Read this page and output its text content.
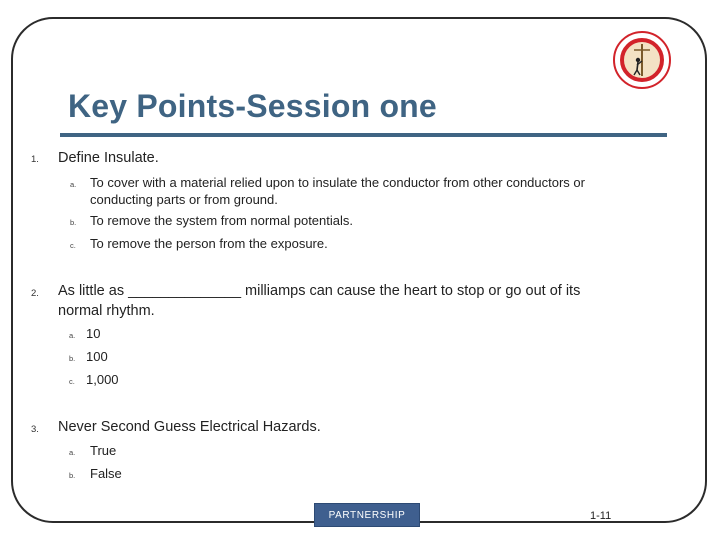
Key Points-Session one
1. Define Insulate.
a. To cover with a material relied upon to insulate the conductor from other conductors or
conducting parts or from ground.
b. To remove the system from normal potentials.
c. To remove the person from the exposure.
2. As little as ______________ milliamps can cause the heart to stop or go out of its
normal rhythm.
a. 10
b. 100
c. 1,000
3. Never Second Guess Electrical Hazards.
a. True
b. False
PARTNERSHIP	1-11
